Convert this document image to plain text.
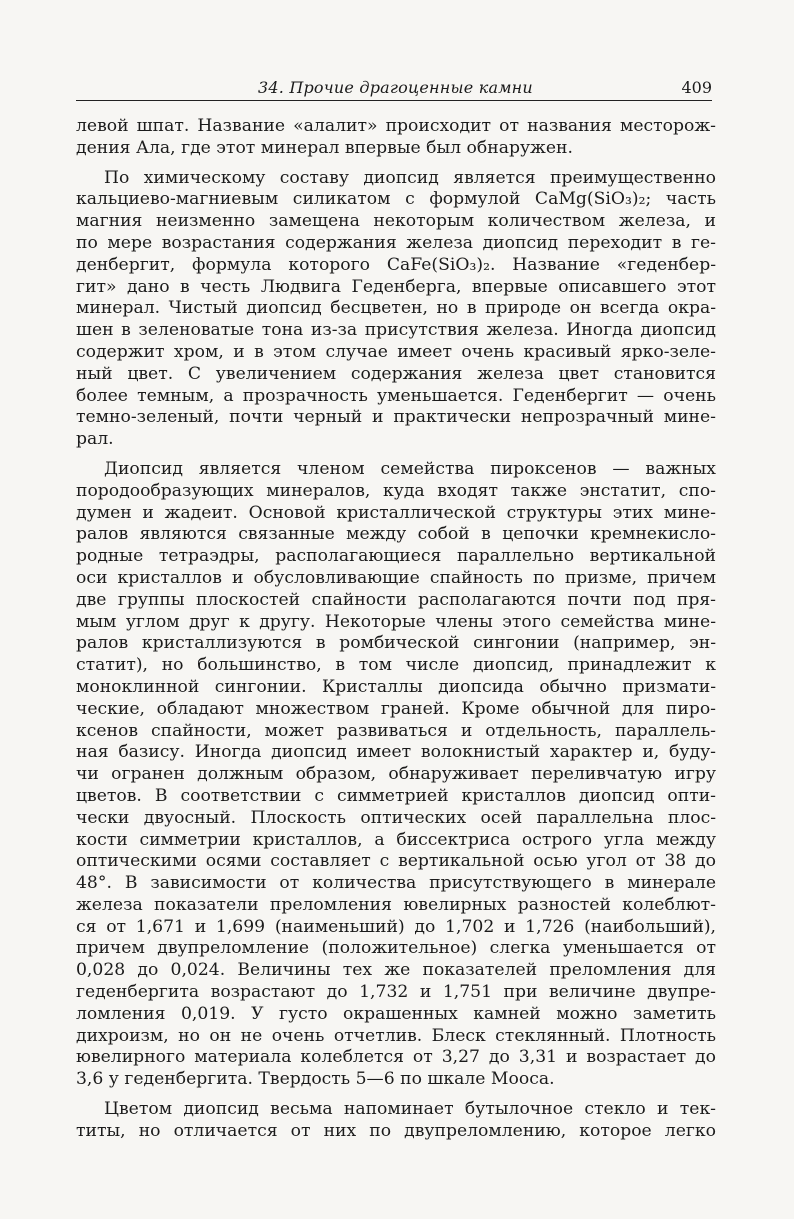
34. Прочие драгоценные камни	409
левой шпат. Название «алалит» происходит от названия месторож-
дения Ала, где этот минерал впервые был обнаружен.
По химическому составу диопсид является преимущественно
кальциево-магниевым силикатом с формулой CaMg(SiO₃)₂; часть
магния неизменно замещена некоторым количеством железа, и
по мере возрастания содержания железа диопсид переходит в ге-
денбергит, формула которого CaFe(SiO₃)₂. Название «геденбер-
гит» дано в честь Людвига Геденберга, впервые описавшего этот
минерал. Чистый диопсид бесцветен, но в природе он всегда окра-
шен в зеленоватые тона из-за присутствия железа. Иногда диопсид
содержит хром, и в этом случае имеет очень красивый ярко-зеле-
ный цвет. С увеличением содержания железа цвет становится
более темным, а прозрачность уменьшается. Геденбергит — очень
темно-зеленый, почти черный и практически непрозрачный мине-
рал.
Диопсид является членом семейства пироксенов — важных
породообразующих минералов, куда входят также энстатит, спо-
думен и жадеит. Основой кристаллической структуры этих мине-
ралов являются связанные между собой в цепочки кремнекисло-
родные тетраэдры, располагающиеся параллельно вертикальной
оси кристаллов и обусловливающие спайность по призме, причем
две группы плоскостей спайности располагаются почти под пря-
мым углом друг к другу. Некоторые члены этого семейства мине-
ралов кристаллизуются в ромбической сингонии (например, эн-
статит), но большинство, в том числе диопсид, принадлежит к
моноклинной сингонии. Кристаллы диопсида обычно призмати-
ческие, обладают множеством граней. Кроме обычной для пиро-
ксенов спайности, может развиваться и отдельность, параллель-
ная базису. Иногда диопсид имеет волокнистый характер и, буду-
чи огранен должным образом, обнаруживает переливчатую игру
цветов. В соответствии с симметрией кристаллов диопсид опти-
чески двуосный. Плоскость оптических осей параллельна плос-
кости симметрии кристаллов, а биссектриса острого угла между
оптическими осями составляет с вертикальной осью угол от 38 до
48°. В зависимости от количества присутствующего в минерале
железа показатели преломления ювелирных разностей колеблют-
ся от 1,671 и 1,699 (наименьший) до 1,702 и 1,726 (наибольший),
причем двупреломление (положительное) слегка уменьшается от
0,028 до 0,024. Величины тех же показателей преломления для
геденбергита возрастают до 1,732 и 1,751 при величине двупре-
ломления 0,019. У густо окрашенных камней можно заметить
дихроизм, но он не очень отчетлив. Блеск стеклянный. Плотность
ювелирного материала колеблется от 3,27 до 3,31 и возрастает до
3,6 у геденбергита. Твердость 5—6 по шкале Мооса.
Цветом диопсид весьма напоминает бутылочное стекло и тек-
титы, но отличается от них по двупреломлению, которое легко
